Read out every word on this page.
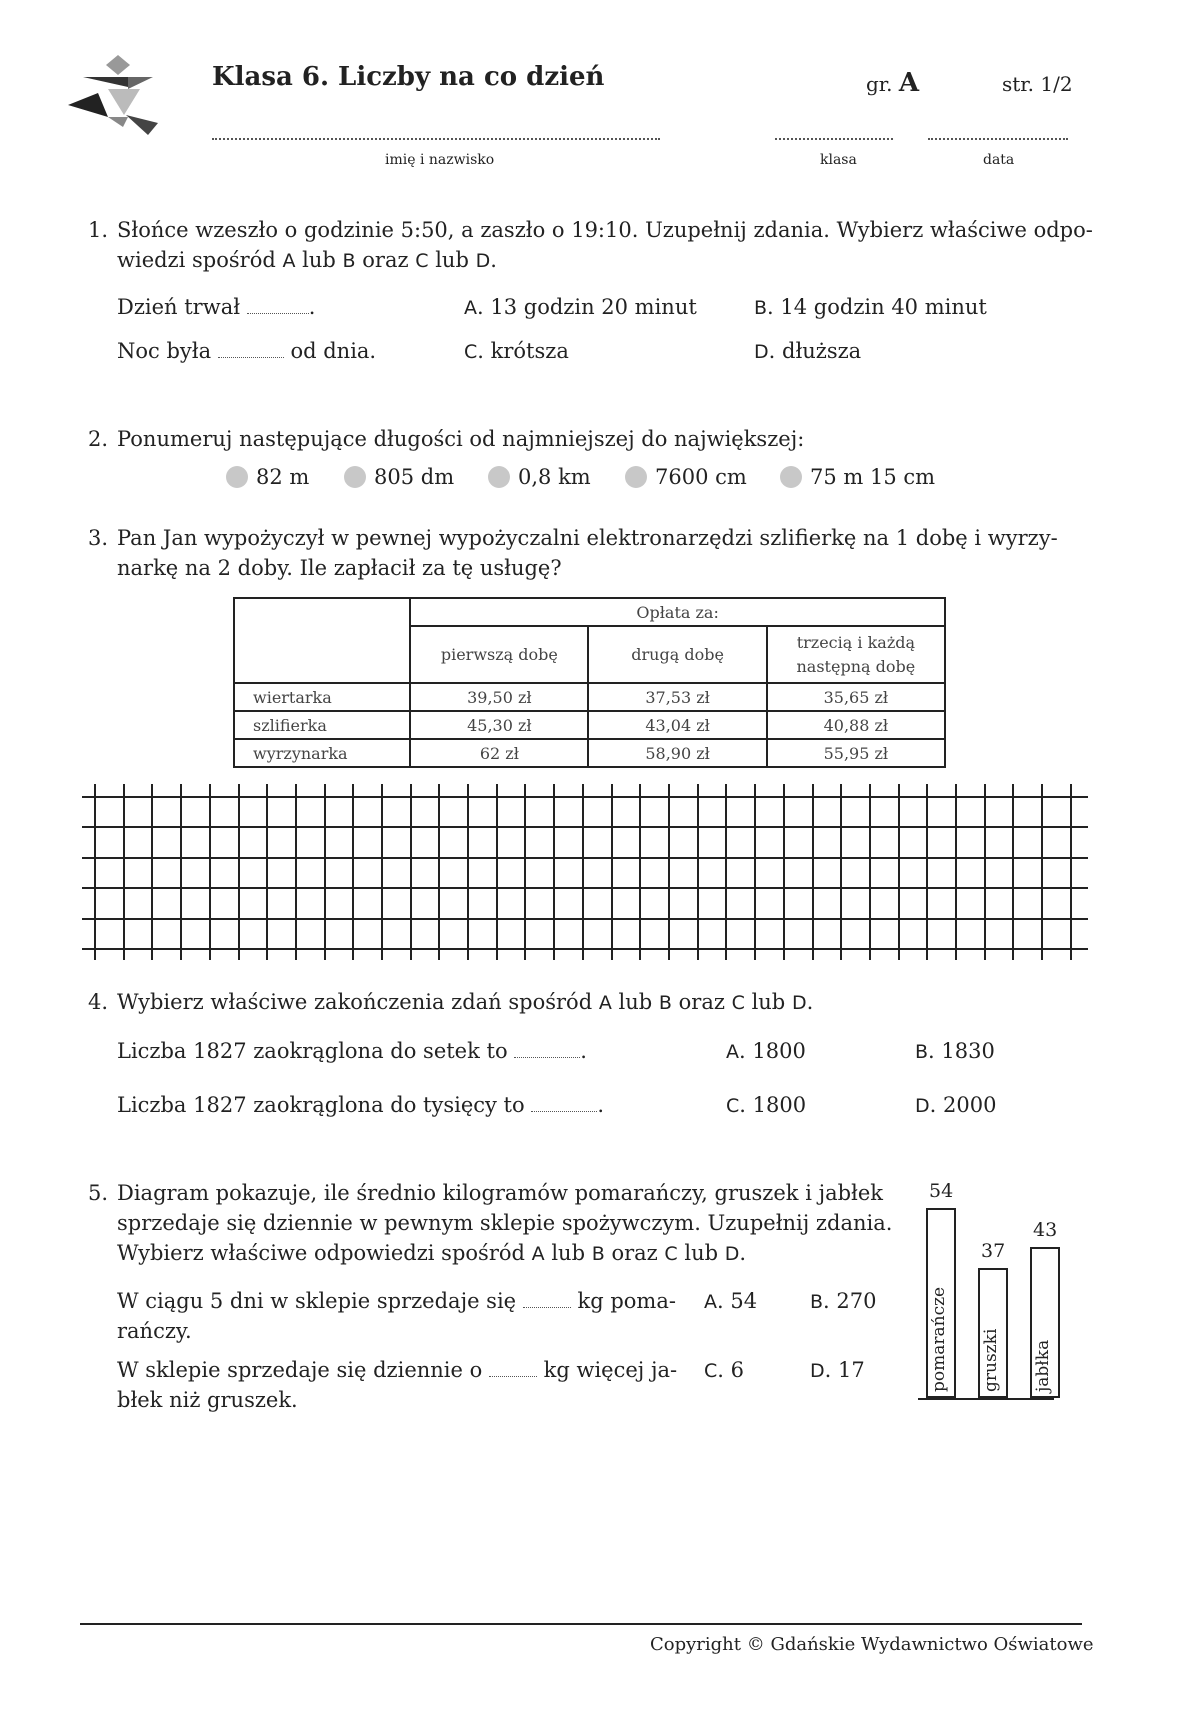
Klasa 6. Liczby na co dzień	gr. A	str. 1/2
imię i nazwisko	klasa	data
1. Słońce wzeszło o godzinie 5:50, a zaszło o 19:10. Uzupełnij zdania. Wybierz właściwe odpo-
wiedzi spośród A lub B oraz C lub D.
Dzień trwał	.
Noc była	od dnia.
A. 13 godzin 20 minut	B. 14 godzin 40 minut
C. krótsza	D. dłuższa
2. Ponumeruj następujące długości od najmniejszej do największej:
82 m	805 dm	0,8 km	7600 cm	75 m 15 cm
3. Pan Jan wypożyczył w pewnej wypożyczalni elektronarzędzi szlifierkę na 1 dobę i wyrzy-
narkę na 2 doby. Ile zapłacił za tę usługę?
	Opłata za:		
	pierwszą dobę	drugą dobę	trzecią i każdą
następną dobę
wiertarka	39,50 zł	37,53 zł	35,65 zł
szlifierka	45,30 zł	43,04 zł	40,88 zł
wyrzynarka	62 zł	58,90 zł	55,95 zł
4. Wybierz właściwe zakończenia zdań spośród A lub B oraz C lub D.
Liczba 1827 zaokrąglona do setek to	.
Liczba 1827 zaokrąglona do tysięcy to	.
A. 1800	B. 1830
C. 1800	D. 2000
5. Diagram pokazuje, ile średnio kilogramów pomarańczy, gruszek i jabłek
sprzedaje się dziennie w pewnym sklepie spożywczym. Uzupełnij zdania.
Wybierz właściwe odpowiedzi spośród A lub B oraz C lub D.
W ciągu 5 dni w sklepie sprzedaje się	kg poma-
rańczy.
W sklepie sprzedaje się dziennie o	kg więcej ja-
błek niż gruszek.
A. 54	B. 270
C. 6	D. 17
54
pomarańcze
37
gruszki
43
jabłka
Copyright © Gdańskie Wydawnictwo Oświatowe
